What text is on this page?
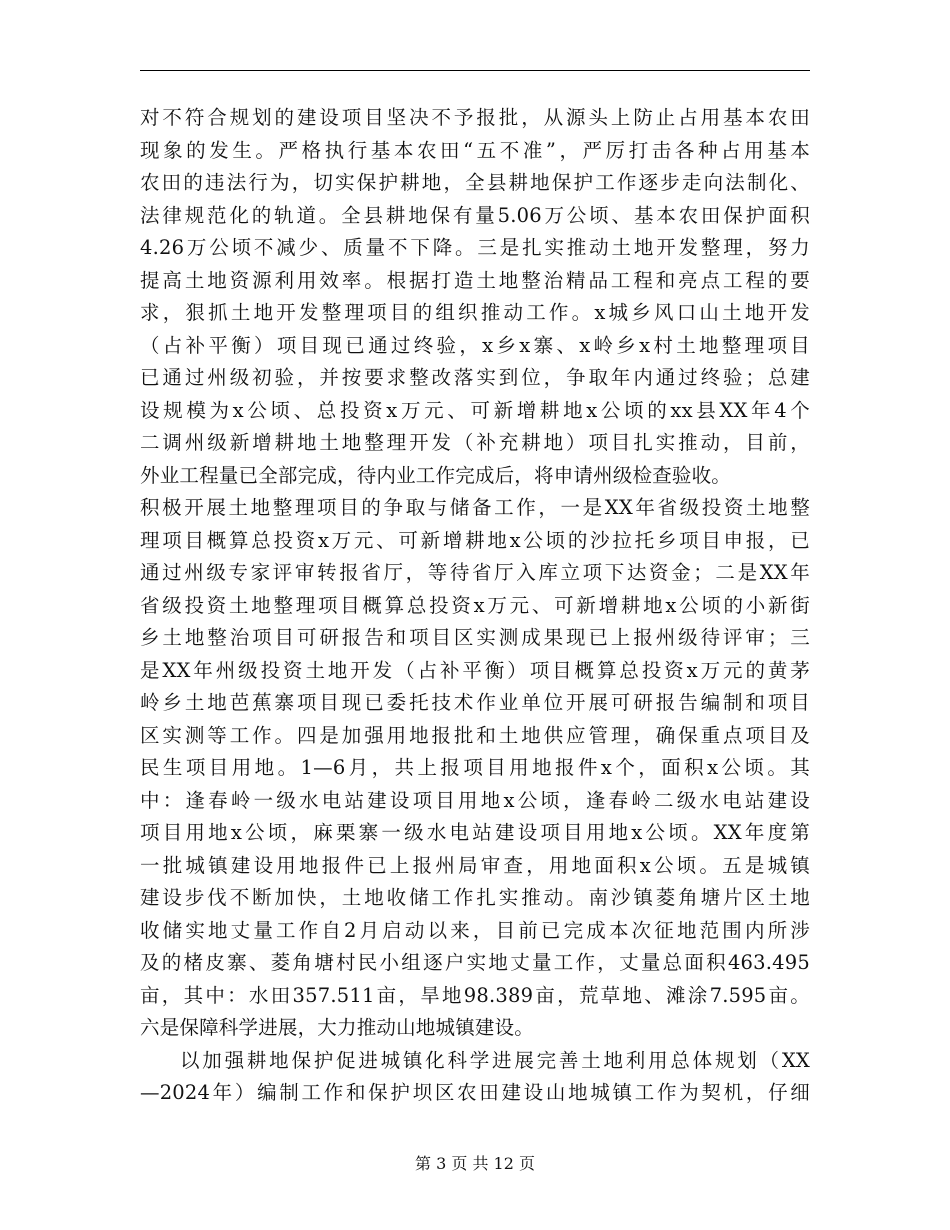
对不符合规划的建设项目坚决不予报批，从源头上防止占用基本农田
现象的发生。严格执行基本农田“五不准”，严厉打击各种占用基本
农田的违法行为，切实保护耕地，全县耕地保护工作逐步走向法制化、
法律规范化的轨道。全县耕地保有量5.06万公顷、基本农田保护面积
4.26万公顷不减少、质量不下降。三是扎实推动土地开发整理，努力
提高土地资源利用效率。根据打造土地整治精品工程和亮点工程的要
求，狠抓土地开发整理项目的组织推动工作。x城乡风口山土地开发
（占补平衡）项目现已通过终验，x乡x寨、x岭乡x村土地整理项目
已通过州级初验，并按要求整改落实到位，争取年内通过终验；总建
设规模为x公顷、总投资x万元、可新增耕地x公顷的xx县XX年4个
二调州级新增耕地土地整理开发（补充耕地）项目扎实推动，目前，
外业工程量已全部完成，待内业工作完成后，将申请州级检查验收。
积极开展土地整理项目的争取与储备工作，一是XX年省级投资土地整
理项目概算总投资x万元、可新增耕地x公顷的沙拉托乡项目申报，已
通过州级专家评审转报省厅，等待省厅入库立项下达资金；二是XX年
省级投资土地整理项目概算总投资x万元、可新增耕地x公顷的小新街
乡土地整治项目可研报告和项目区实测成果现已上报州级待评审；三
是XX年州级投资土地开发（占补平衡）项目概算总投资x万元的黄茅
岭乡土地芭蕉寨项目现已委托技术作业单位开展可研报告编制和项目
区实测等工作。四是加强用地报批和土地供应管理，确保重点项目及
民生项目用地。1—6月，共上报项目用地报件x个，面积x公顷。其
中：逢春岭一级水电站建设项目用地x公顷，逢春岭二级水电站建设
项目用地x公顷，麻栗寨一级水电站建设项目用地x公顷。XX年度第
一批城镇建设用地报件已上报州局审查，用地面积x公顷。五是城镇
建设步伐不断加快，土地收储工作扎实推动。南沙镇菱角塘片区土地
收储实地丈量工作自2月启动以来，目前已完成本次征地范围内所涉
及的楮皮寨、菱角塘村民小组逐户实地丈量工作，丈量总面积463.495
亩，其中：水田357.511亩，旱地98.389亩，荒草地、滩涂7.595亩。
六是保障科学进展，大力推动山地城镇建设。
以加强耕地保护促进城镇化科学进展完善土地利用总体规划（XX
—2024年）编制工作和保护坝区农田建设山地城镇工作为契机，仔细
第 3 页 共 12 页
